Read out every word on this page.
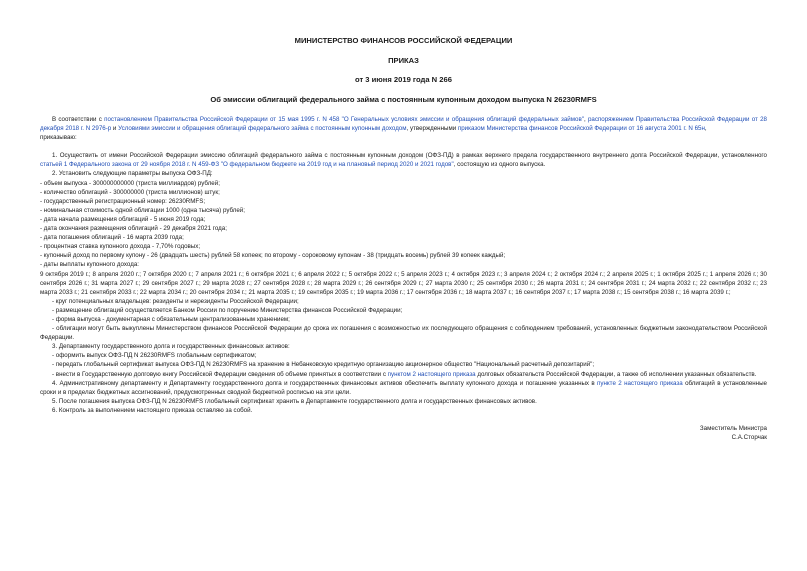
МИНИСТЕРСТВО ФИНАНСОВ РОССИЙСКОЙ ФЕДЕРАЦИИ
ПРИКАЗ
от 3 июня 2019 года N 266
Об эмиссии облигаций федерального займа с постоянным купонным доходом выпуска N 26230RMFS

В соответствии с постановлением Правительства Российской Федерации от 15 мая 1995 г. N 458 "О Генеральных условиях эмиссии и обращения облигаций федеральных займов", распоряжением Правительства Российской Федерации от 28 декабря 2018 г. N 2976-р и Условиями эмиссии и обращения облигаций федерального займа с постоянным купонным доходом, утвержденными приказом Министерства финансов Российской Федерации от 16 августа 2001 г. N 65н,

приказываю:

1. Осуществить от имени Российской Федерации эмиссию облигаций федерального займа с постоянным купонным доходом (ОФЗ-ПД) в рамках верхнего предела государственного внутреннего долга Российской Федерации, установленного статьей 1 Федерального закона от 29 ноября 2018 г. N 459-ФЗ "О федеральном бюджете на 2019 год и на плановый период 2020 и 2021 годов", состоящую из одного выпуска.

2. Установить следующие параметры выпуска ОФЗ-ПД:

- объем выпуска - 300000000000 (триста миллиардов) рублей;

- количество облигаций - 300000000 (триста миллионов) штук;

- государственный регистрационный номер: 26230RMFS;

- номинальная стоимость одной облигации 1000 (одна тысяча) рублей;

- дата начала размещения облигаций - 5 июня 2019 года;

- дата окончания размещения облигаций - 29 декабря 2021 года;

- дата погашения облигаций - 16 марта 2039 года;

- процентная ставка купонного дохода - 7,70% годовых;

- купонный доход по первому купону - 26 (двадцать шесть) рублей 58 копеек; по второму - сороковому купонам - 38 (тридцать восемь) рублей 39 копеек каждый;

- даты выплаты купонного дохода:

9 октября 2019 г.; 8 апреля 2020 г.; 7 октября 2020 г.; 7 апреля 2021 г.; 6 октября 2021 г.; 6 апреля 2022 г.; 5 октября 2022 г.; 5 апреля 2023 г.; 4 октября 2023 г.; 3 апреля 2024 г.; 2 октября 2024 г.; 2 апреля 2025 г.; 1 октября 2025 г.; 1 апреля 2026 г.; 30 сентября 2026 г.; 31 марта 2027 г.; 29 сентября 2027 г.; 29 марта 2028 г.; 27 сентября 2028 г.; 28 марта 2029 г.; 26 сентября 2029 г.; 27 марта 2030 г.; 25 сентября 2030 г.; 26 марта 2031 г.; 24 сентября 2031 г.; 24 марта 2032 г.; 22 сентября 2032 г.; 23 марта 2033 г.; 21 сентября 2033 г.; 22 марта 2034 г.; 20 сентября 2034 г.; 21 марта 2035 г.; 19 сентября 2035 г.; 19 марта 2036 г.; 17 сентября 2036 г.; 18 марта 2037 г.; 16 сентября 2037 г.; 17 марта 2038 г.; 15 сентября 2038 г.; 16 марта 2039 г.;

- круг потенциальных владельцев: резиденты и нерезиденты Российской Федерации;

- размещение облигаций осуществляется Банком России по поручению Министерства финансов Российской Федерации;

- форма выпуска - документарная с обязательным централизованным хранением;

- облигации могут быть выкуплены Министерством финансов Российской Федерации до срока их погашения с возможностью их последующего обращения с соблюдением требований, установленных бюджетным законодательством Российской Федерации.

3. Департаменту государственного долга и государственных финансовых активов:

- оформить выпуск ОФЗ-ПД N 26230RMFS глобальным сертификатом;

- передать глобальный сертификат выпуска ОФЗ-ПД N 26230RMFS на хранение в Небанковскую кредитную организацию акционерное общество "Национальный расчетный депозитарий";

- внести в Государственную долговую книгу Российской Федерации сведения об объеме принятых в соответствии с пунктом 2 настоящего приказа долговых обязательств Российской Федерации, а также об исполнении указанных обязательств.

4. Административному департаменту и Департаменту государственного долга и государственных финансовых активов обеспечить выплату купонного дохода и погашение указанных в пункте 2 настоящего приказа облигаций в установленные сроки и в пределах бюджетных ассигнований, предусмотренных сводной бюджетной росписью на эти цели.

5. После погашения выпуска ОФЗ-ПД N 26230RMFS глобальный сертификат хранить в Департаменте государственного долга и государственных финансовых активов.

6. Контроль за выполнением настоящего приказа оставляю за собой.

Заместитель Министра

С.А.Сторчак
